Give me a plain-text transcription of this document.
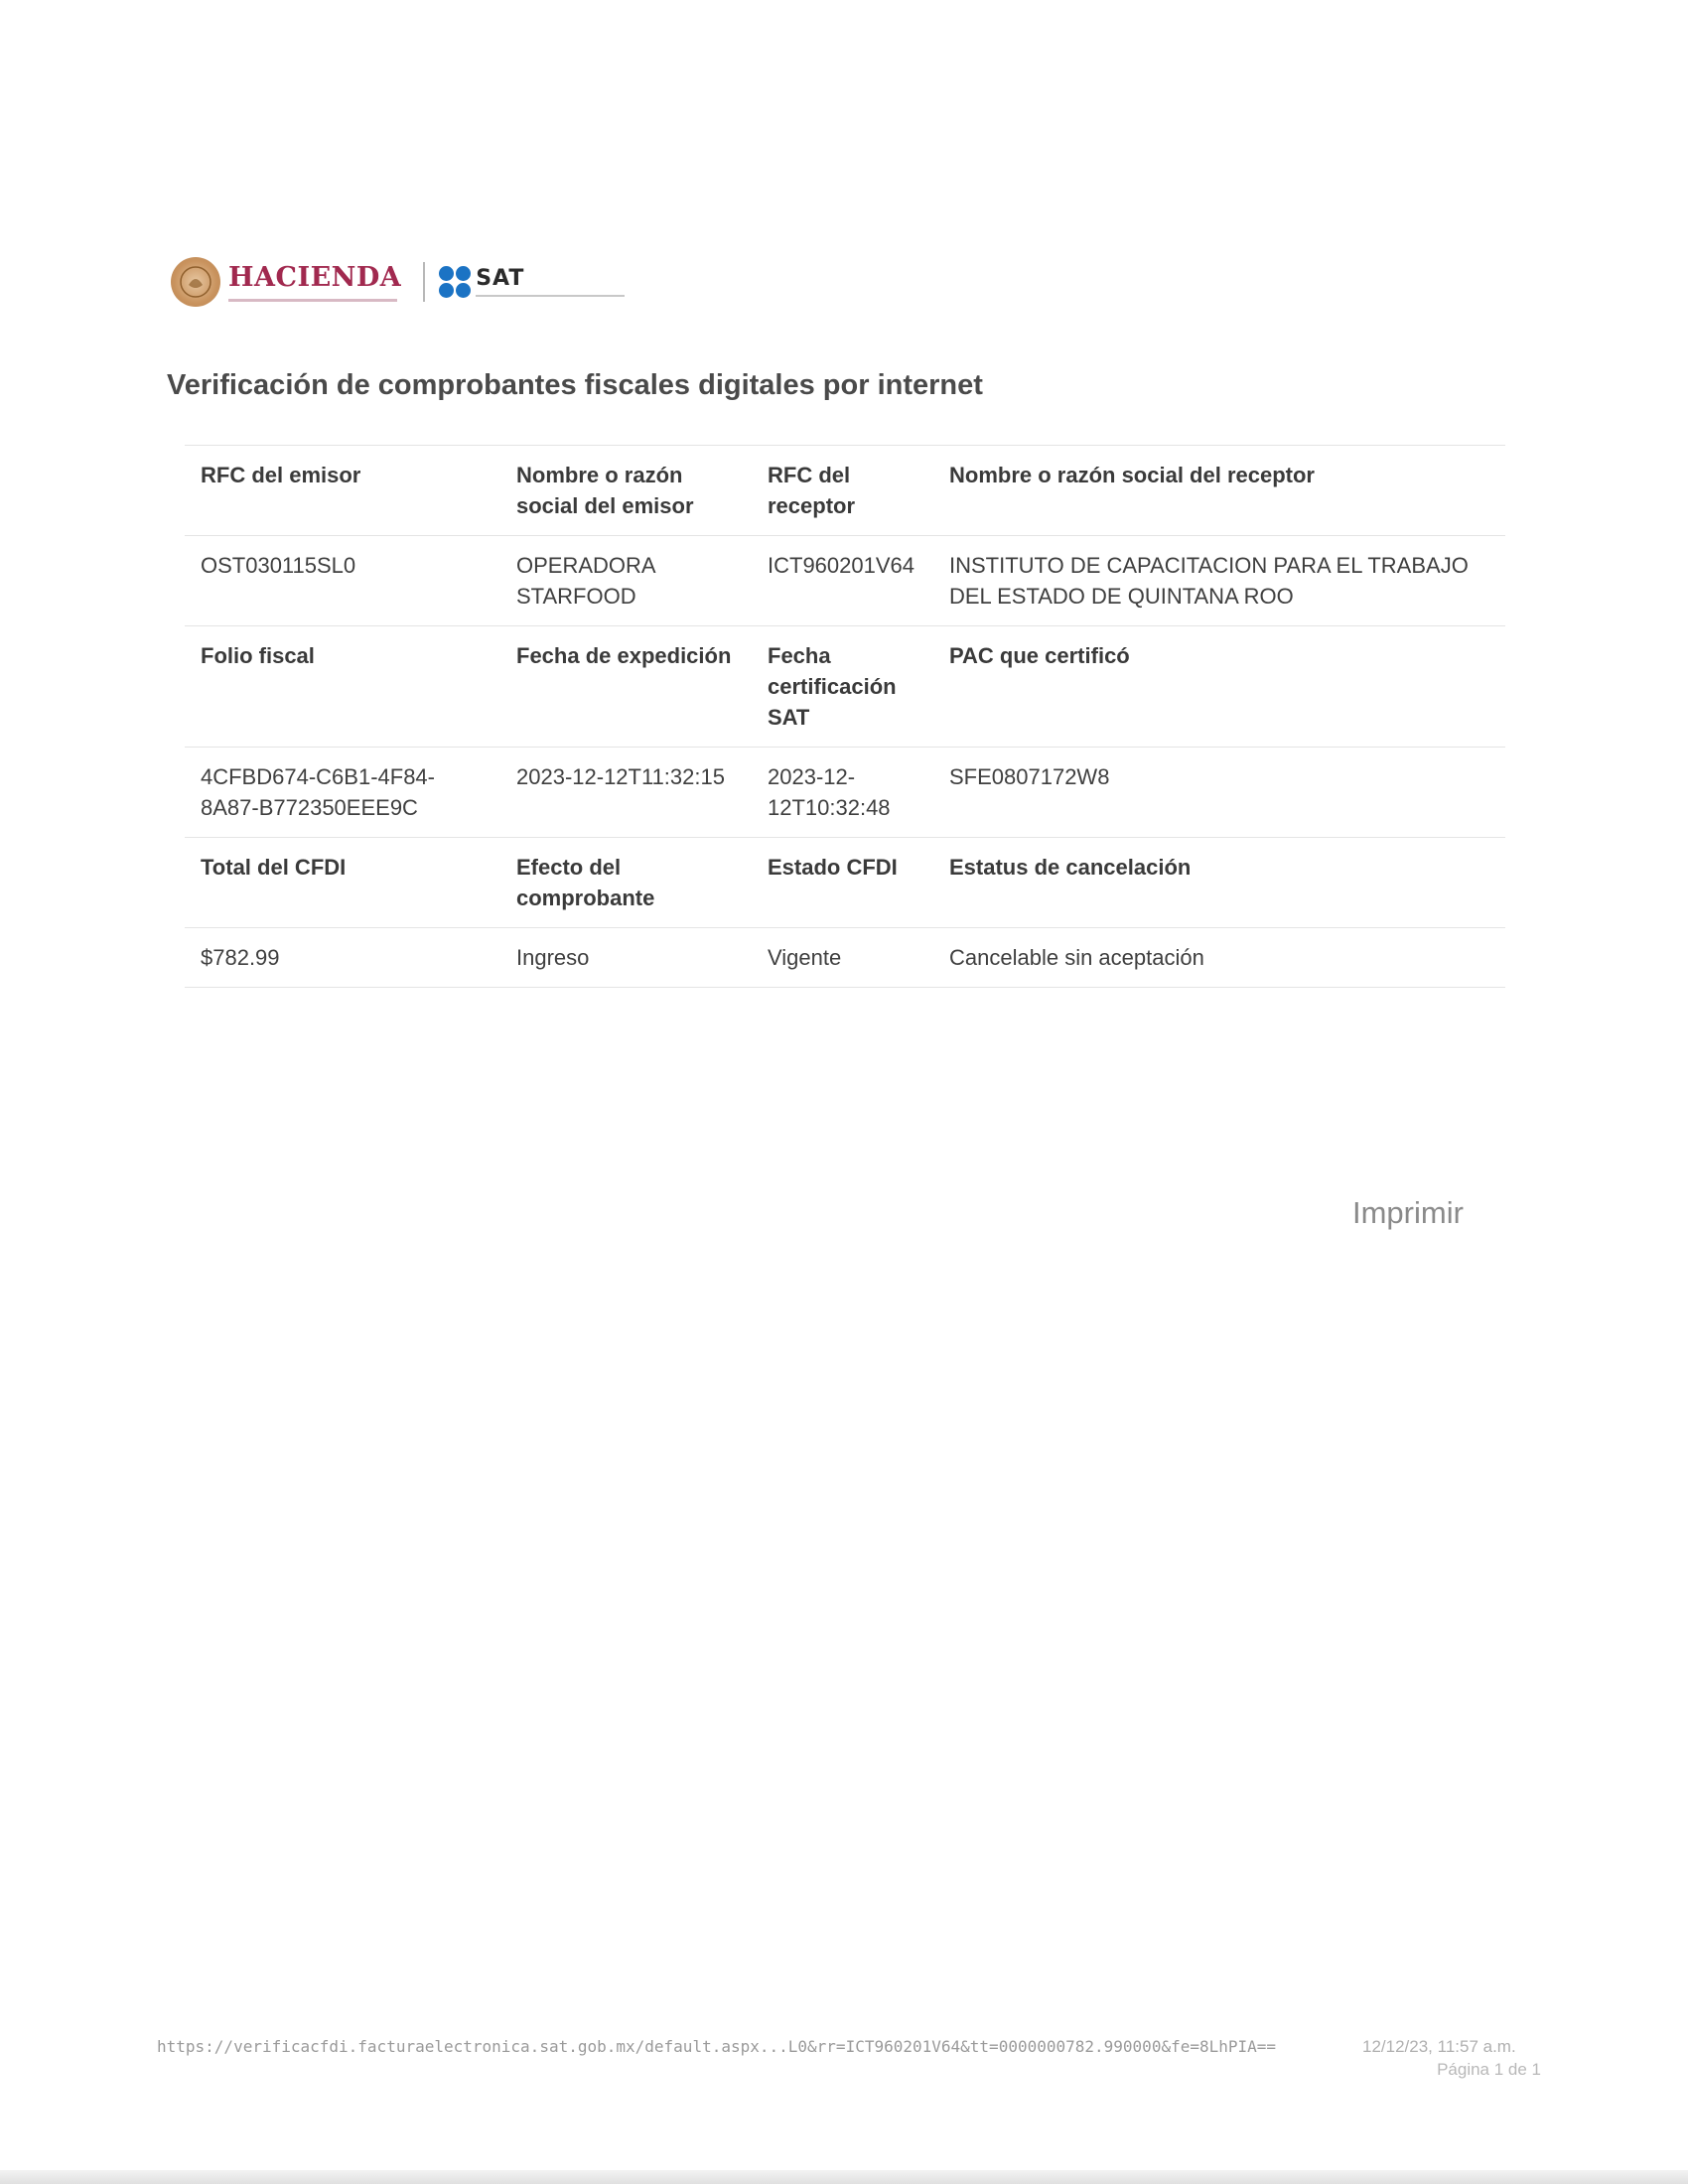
HACIENDA	SAT
Verificación de comprobantes fiscales digitales por internet
RFC del emisor	Nombre o razón social del emisor	RFC del receptor	Nombre o razón social del receptor
OST030115SL0	OPERADORA STARFOOD	ICT960201V64	INSTITUTO DE CAPACITACION PARA EL TRABAJO DEL ESTADO DE QUINTANA ROO
Folio fiscal	Fecha de expedición	Fecha certificación SAT	PAC que certificó
4CFBD674-C6B1-4F84-8A87-B772350EEE9C	2023-12-12T11:32:15	2023-12-12T10:32:48	SFE0807172W8
Total del CFDI	Efecto del comprobante	Estado CFDI	Estatus de cancelación
$782.99	Ingreso	Vigente	Cancelable sin aceptación
Imprimir
https://verificacfdi.facturaelectronica.sat.gob.mx/default.aspx...L0&rr=ICT960201V64&tt=0000000782.990000&fe=8LhPIA==	12/12/23, 11:57 a.m.
Página 1 de 1
